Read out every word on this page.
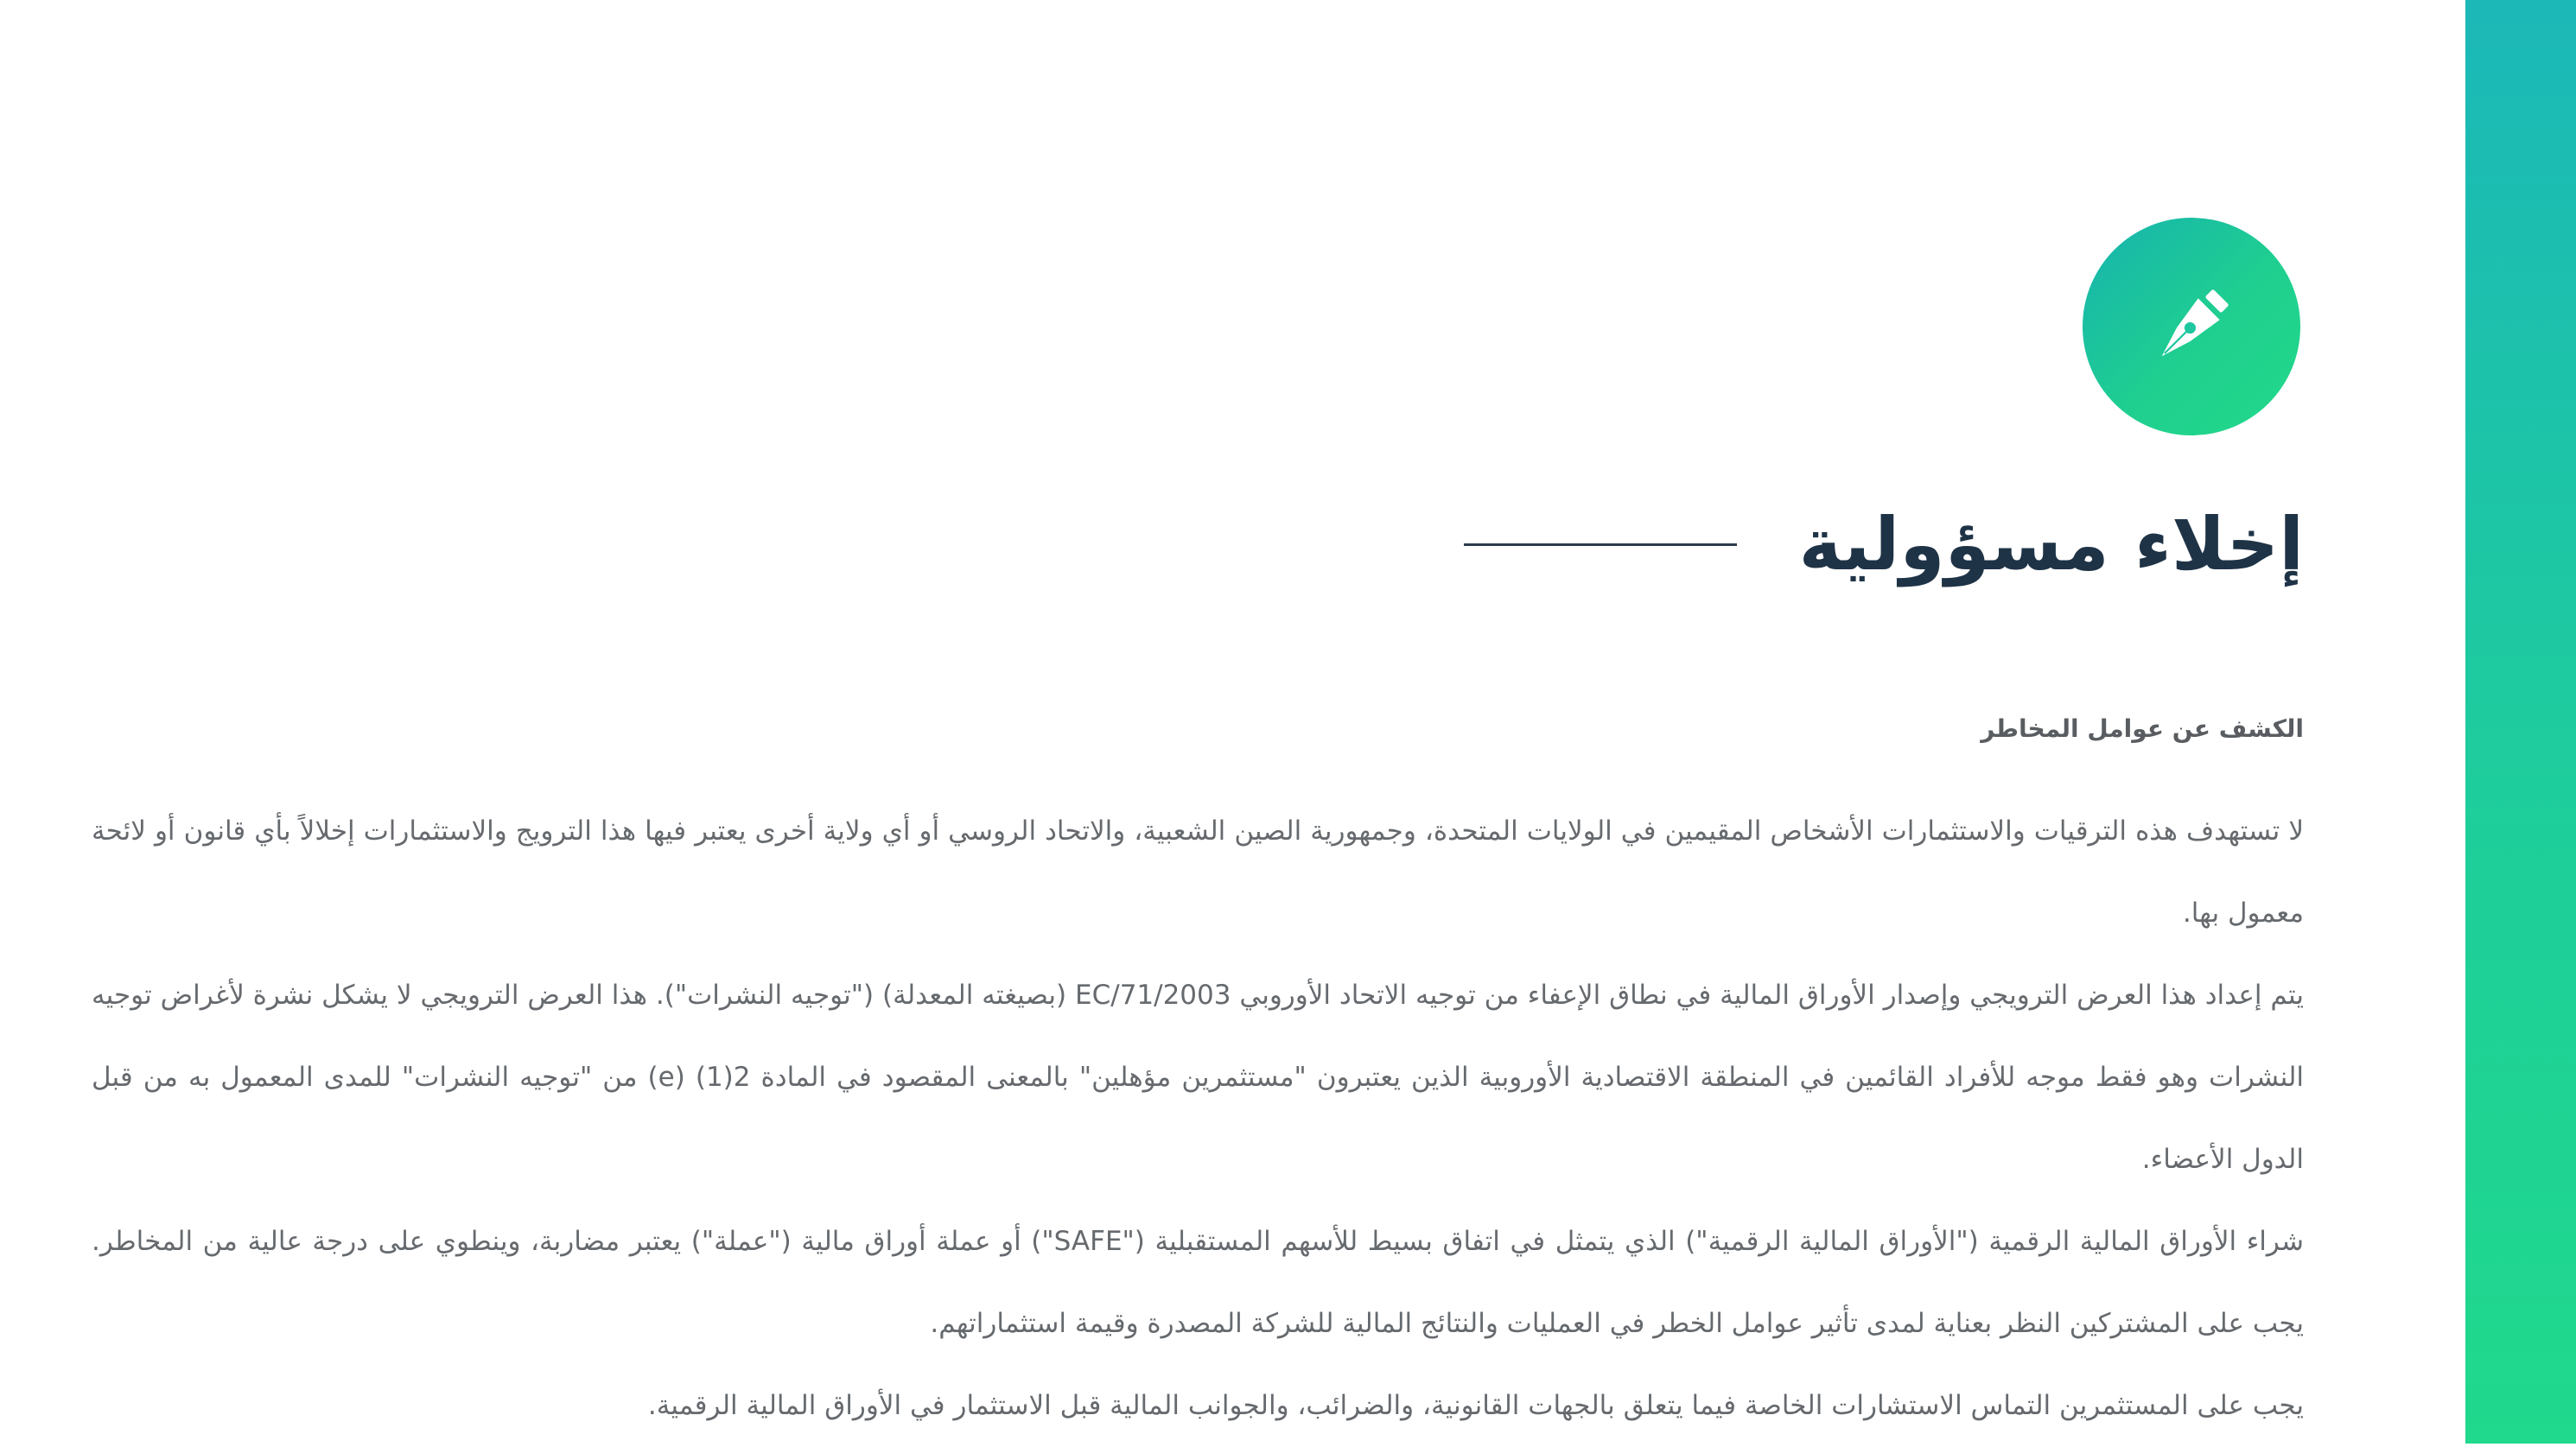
إخلاء مسؤولية
الكشف عن عوامل المخاطر
لا تستهدف هذه الترقيات والاستثمارات الأشخاص المقيمين في الولايات المتحدة، وجمهورية الصين الشعبية، والاتحاد الروسي أو أي ولاية أخرى يعتبر فيها هذا الترويج والاستثمارات إخلالاً بأي قانون أو لائحة معمول بها.
يتم إعداد هذا العرض الترويجي وإصدار الأوراق المالية في نطاق الإعفاء من توجيه الاتحاد الأوروبي EC/71/2003 (بصيغته المعدلة) ("توجيه النشرات"). هذا العرض الترويجي لا يشكل نشرة لأغراض توجيه النشرات وهو فقط موجه للأفراد القائمين في المنطقة الاقتصادية الأوروبية الذين يعتبرون "مستثمرين مؤهلين" بالمعنى المقصود في المادة 2(1) (e) من "توجيه النشرات" للمدى المعمول به من قبل الدول الأعضاء.
شراء الأوراق المالية الرقمية ("الأوراق المالية الرقمية") الذي يتمثل في اتفاق بسيط للأسهم المستقبلية ("SAFE") أو عملة أوراق مالية ("عملة") يعتبر مضاربة، وينطوي على درجة عالية من المخاطر. يجب على المشتركين النظر بعناية لمدى تأثير عوامل الخطر في العمليات والنتائج المالية للشركة المصدرة وقيمة استثماراتهم.
يجب على المستثمرين التماس الاستشارات الخاصة فيما يتعلق بالجهات القانونية، والضرائب، والجوانب المالية قبل الاستثمار في الأوراق المالية الرقمية.
